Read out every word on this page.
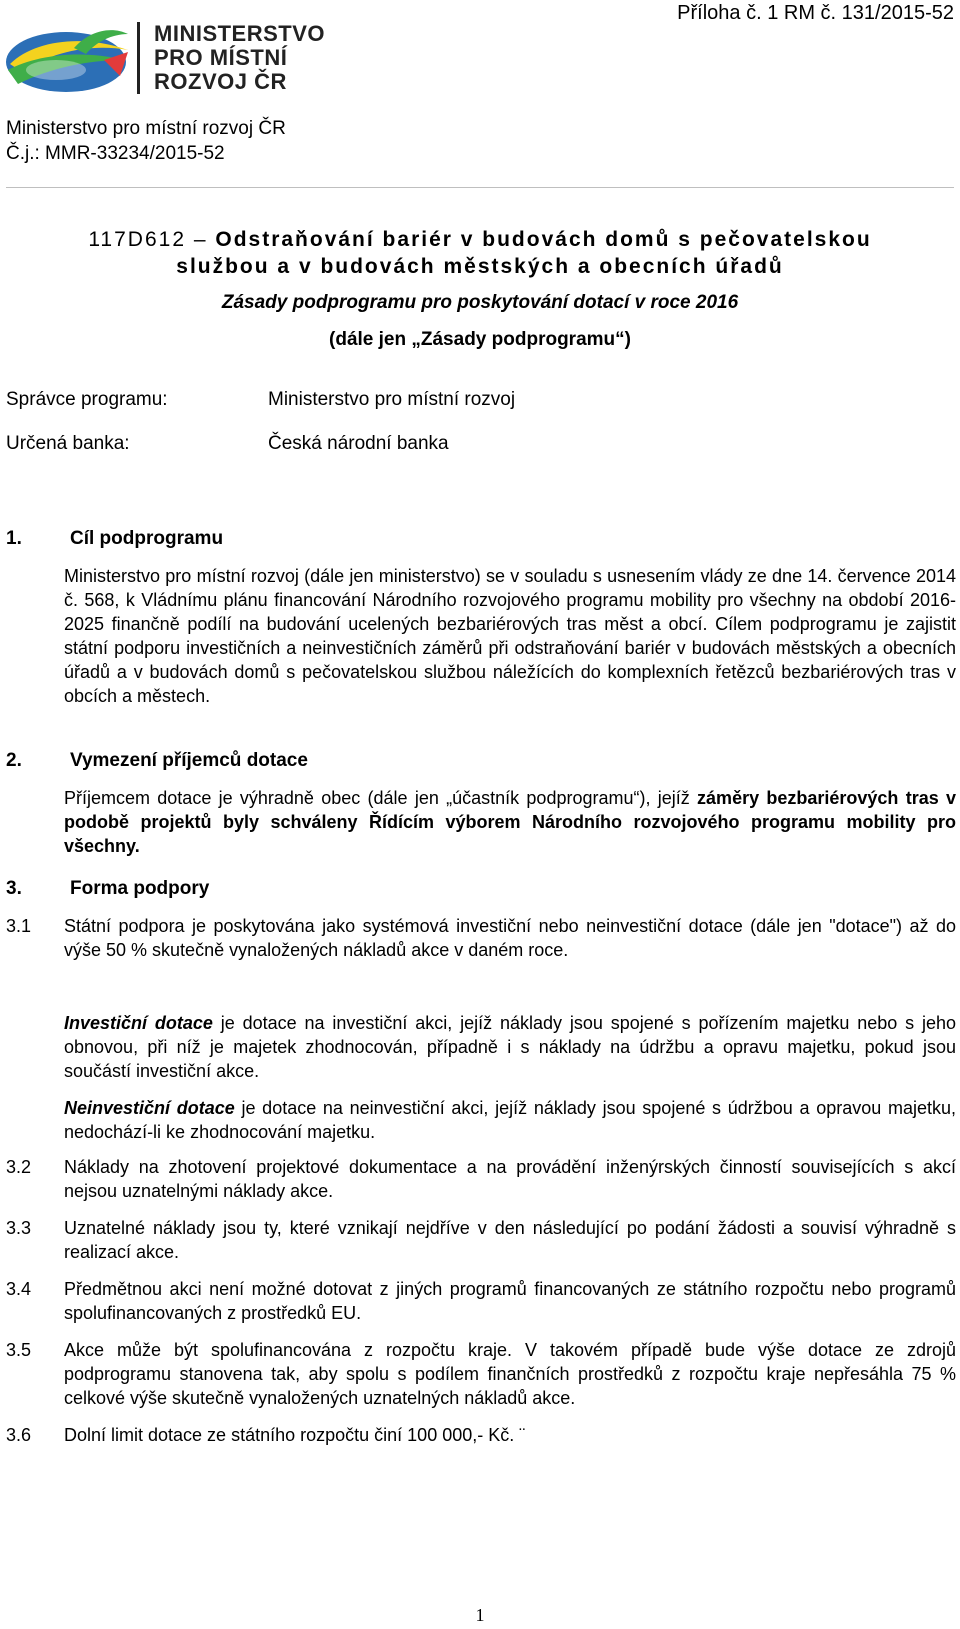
MINISTERSTVO
PRO MÍSTNÍ
ROZVOJ ČR
Příloha č. 1 RM č. 131/2015-52
Ministerstvo pro místní rozvoj ČR
Č.j.: MMR-33234/2015-52
117D612 – Odstraňování bariér v budovách domů s pečovatelskou
službou a v budovách městských a obecních úřadů
Zásady podprogramu pro poskytování dotací v roce 2016
(dále jen „Zásady podprogramu“)
Správce programu:	Ministerstvo pro místní rozvoj
Určená banka:	Česká národní banka
1.	Cíl podprogramu
Ministerstvo pro místní rozvoj (dále jen ministerstvo) se v souladu s usnesením vlády ze dne 14. července 2014 č. 568, k Vládnímu plánu financování Národního rozvojového programu mobility pro všechny na období 2016-2025 finančně podílí na budování ucelených bezbariérových tras měst a obcí. Cílem podprogramu je zajistit státní podporu investičních a neinvestičních záměrů při odstraňování bariér v budovách městských a obecních úřadů a v budovách domů s pečovatelskou službou náležících do komplexních řetězců bezbariérových tras v obcích a městech.
2.	Vymezení příjemců dotace
Příjemcem dotace je výhradně obec (dále jen „účastník podprogramu“), jejíž záměry bezbariérových tras v podobě projektů byly schváleny Řídícím výborem Národního rozvojového programu mobility pro všechny.
3.	Forma podpory
3.1 Státní podpora je poskytována jako systémová investiční nebo neinvestiční dotace (dále jen "dotace") až do výše 50 % skutečně vynaložených nákladů akce v daném roce.
Investiční dotace je dotace na investiční akci, jejíž náklady jsou spojené s pořízením majetku nebo s jeho obnovou, při níž je majetek zhodnocován, případně i s náklady na údržbu a opravu majetku, pokud jsou součástí investiční akce.
Neinvestiční dotace je dotace na neinvestiční akci, jejíž náklady jsou spojené s údržbou a opravou majetku, nedochází-li ke zhodnocování majetku.
3.2 Náklady na zhotovení projektové dokumentace a na provádění inženýrských činností souvisejících s akcí nejsou uznatelnými náklady akce.
3.3 Uznatelné náklady jsou ty, které vznikají nejdříve v den následující po podání žádosti a souvisí výhradně s realizací akce.
3.4 Předmětnou akci není možné dotovat z jiných programů financovaných ze státního rozpočtu nebo programů spolufinancovaných z prostředků EU.
3.5 Akce může být spolufinancována z rozpočtu kraje. V takovém případě bude výše dotace ze zdrojů podprogramu stanovena tak, aby spolu s podílem finančních prostředků z rozpočtu kraje nepřesáhla 75 % celkové výše skutečně vynaložených uznatelných nákladů akce.
3.6 Dolní limit dotace ze státního rozpočtu činí 100 000,- Kč. ¨
1
